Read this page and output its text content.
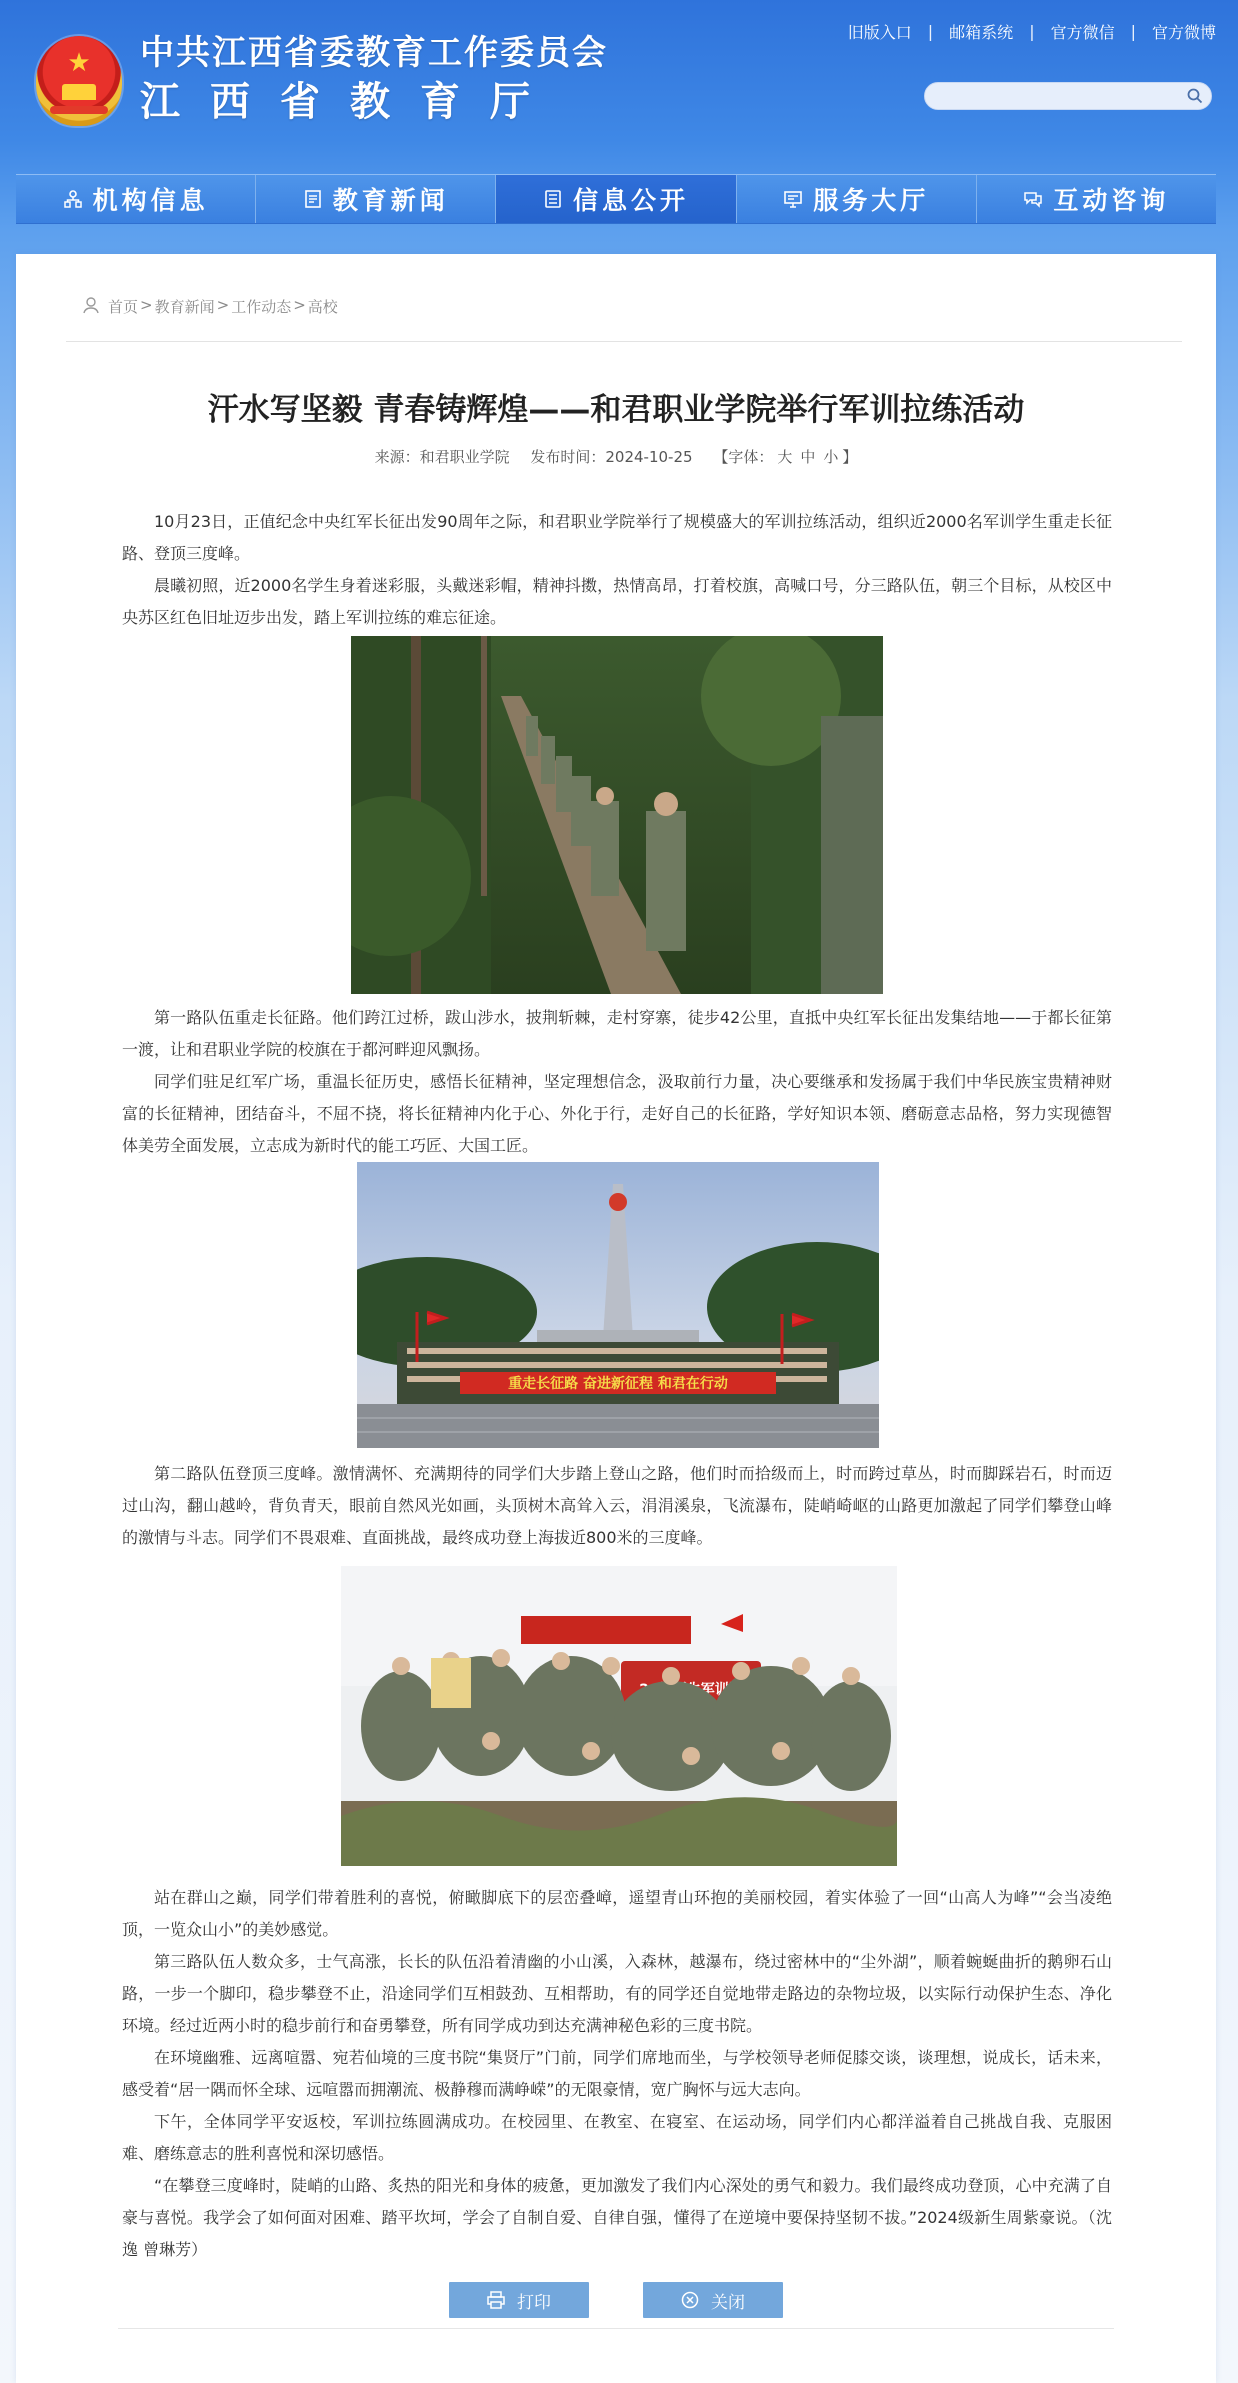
★	中共江西省委教育工作委员会
江西省教育厅
旧版入口	|	邮箱系统	|	官方微信	|	官方微博
机构信息	教育新闻	信息公开	服务大厅	互动咨询
首页 > 教育新闻 > 工作动态 > 高校
汗水写坚毅 青春铸辉煌——和君职业学院举行军训拉练活动
来源：和君职业学院 发布时间：2024-10-25 【字体： 大 中 小 】

10月23日，正值纪念中央红军长征出发90周年之际，和君职业学院举行了规模盛大的军训拉练活动，组织近2000名军训学生重走长征路、登顶三度峰。

晨曦初照，近2000名学生身着迷彩服，头戴迷彩帽，精神抖擞，热情高昂，打着校旗，高喊口号，分三路队伍，朝三个目标，从校区中央苏区红色旧址迈步出发，踏上军训拉练的难忘征途。

第一路队伍重走长征路。他们跨江过桥，跋山涉水，披荆斩棘，走村穿寨，徒步42公里，直抵中央红军长征出发集结地——于都长征第一渡，让和君职业学院的校旗在于都河畔迎风飘扬。

同学们驻足红军广场，重温长征历史，感悟长征精神，坚定理想信念，汲取前行力量，决心要继承和发扬属于我们中华民族宝贵精神财富的长征精神，团结奋斗，不屈不挠，将长征精神内化于心、外化于行，走好自己的长征路，学好知识本领、磨砺意志品格，努力实现德智体美劳全面发展，立志成为新时代的能工巧匠、大国工匠。

重走长征路 奋进新征程 和君在行动

第二路队伍登顶三度峰。激情满怀、充满期待的同学们大步踏上登山之路，他们时而拾级而上，时而跨过草丛，时而脚踩岩石，时而迈过山沟，翻山越岭，背负青天，眼前自然风光如画，头顶树木高耸入云，涓涓溪泉，飞流瀑布，陡峭崎岖的山路更加激起了同学们攀登山峰的激情与斗志。同学们不畏艰难、直面挑战，最终成功登上海拔近800米的三度峰。

站在群山之巅，同学们带着胜利的喜悦，俯瞰脚底下的层峦叠嶂，遥望青山环抱的美丽校园，着实体验了一回“山高人为峰”“会当凌绝顶，一览众山小”的美妙感觉。

第三路队伍人数众多，士气高涨，长长的队伍沿着清幽的小山溪，入森林，越瀑布，绕过密林中的“尘外湖”，顺着蜿蜒曲折的鹅卵石山路，一步一个脚印，稳步攀登不止，沿途同学们互相鼓劲、互相帮助，有的同学还自觉地带走路边的杂物垃圾，以实际行动保护生态、净化环境。经过近两小时的稳步前行和奋勇攀登，所有同学成功到达充满神秘色彩的三度书院。

在环境幽雅、远离喧嚣、宛若仙境的三度书院“集贤厅”门前，同学们席地而坐，与学校领导老师促膝交谈，谈理想，说成长，话未来，感受着“居一隅而怀全球、远喧嚣而拥潮流、极静穆而满峥嵘”的无限豪情，宽广胸怀与远大志向。

下午，全体同学平安返校，军训拉练圆满成功。在校园里、在教室、在寝室、在运动场，同学们内心都洋溢着自己挑战自我、克服困难、磨练意志的胜利喜悦和深切感悟。

“在攀登三度峰时，陡峭的山路、炙热的阳光和身体的疲惫，更加激发了我们内心深处的勇气和毅力。我们最终成功登顶，心中充满了自豪与喜悦。我学会了如何面对困难、踏平坎坷，学会了自制自爱、自律自强，懂得了在逆境中要保持坚韧不拔。”2024级新生周紫豪说。（沈逸 曾琳芳）

打印	关闭
